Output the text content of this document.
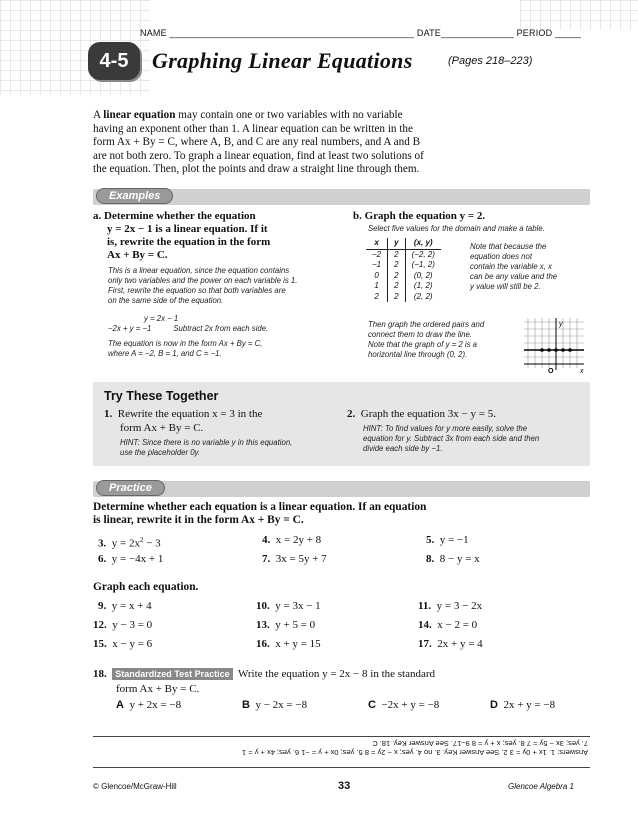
NAME _______________________________________________ DATE______________ PERIOD _____
4-5	Graphing Linear Equations	(Pages 218–223)
A linear equation may contain one or two variables with no variable
having an exponent other than 1. A linear equation can be written in the
form Ax + By = C, where A, B, and C are any real numbers, and A and B
are not both zero. To graph a linear equation, find at least two solutions of
the equation. Then, plot the points and draw a straight line through them.
Examples
a. Determine whether the equation
y = 2x − 1 is a linear equation. If it
is, rewrite the equation in the form
Ax + By = C.
This is a linear equation, since the equation contains
only two variables and the power on each variable is 1.
First, rewrite the equation so that both variables are
on the same side of the equation.
y = 2x − 1
−2x + y = −1	Subtract 2x from each side.
The equation is now in the form Ax + By = C,
where A = −2, B = 1, and C = −1.
b. Graph the equation y = 2.
Select five values for the domain and make a table.
x	y	(x, y)
−2	2	(−2, 2)
−1	2	(−1, 2)
0	2	(0, 2)
1	2	(1, 2)
2	2	(2, 2)
Note that because the
equation does not
contain the variable x, x
can be any value and the
y value will still be 2.
Then graph the ordered pairs and
connect them to draw the line.
Note that the graph of y = 2 is a
horizontal line through (0, 2).
y
x
O
Try These Together
1. Rewrite the equation x = 3 in the
form Ax + By = C.
HINT: Since there is no variable y in this equation,
use the placeholder 0y.
2. Graph the equation 3x − y = 5.
HINT: To find values for y more easily, solve the
equation for y. Subtract 3x from each side and then
divide each side by −1.
Practice
Determine whether each equation is a linear equation. If an equation
is linear, rewrite it in the form Ax + By = C.
3. $y = 2x^2 - 3$	4. x = 2y + 8	5. y = −1
6. y = −4x + 1	7. 3x = 5y + 7	8. 8 − y = x
Graph each equation.
9. y = x + 4	10. y = 3x − 1	11. y = 3 − 2x
12. y − 3 = 0	13. y + 5 = 0	14. x − 2 = 0
15. x − y = 6	16. x + y = 15	17. 2x + y = 4
18. Standardized Test Practice Write the equation y = 2x − 8 in the standard
form Ax + By = C.
A y + 2x = −8	B y − 2x = −8	C −2x + y = −8	D 2x + y = −8
Answers: 1. 1x + 0y = 3 2. See Answer Key. 3. no 4. yes; x − 2y = 8 5. yes; 0x + y = −1 6. yes; 4x + y = 1
7. yes; 3x − 5y = 7 8. yes; x + y = 8 9–17. See Answer Key. 18. C
© Glencoe/McGraw-Hill	33	Glencoe Algebra 1
